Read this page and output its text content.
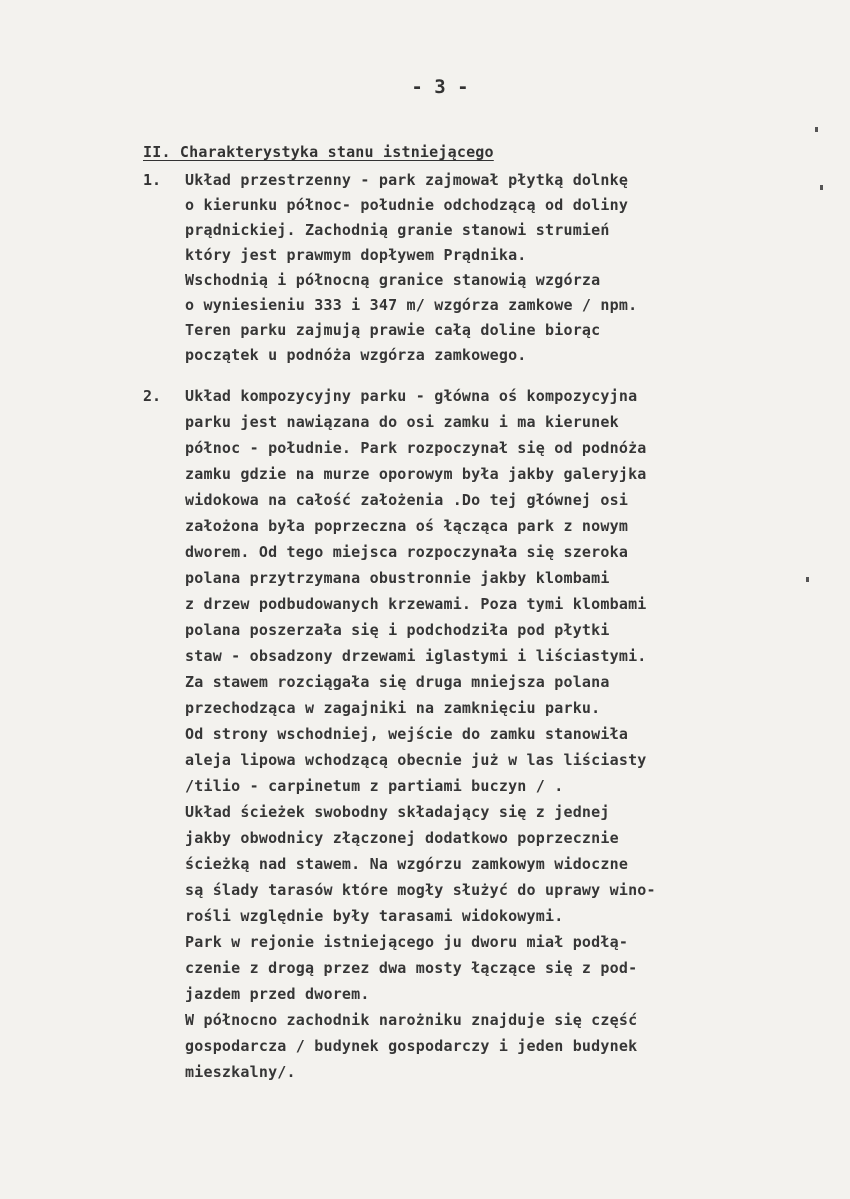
- 3 -
II. Charakterystyka stanu istniejącego
1. Układ przestrzenny - park zajmował płytką dolnkę
o kierunku północ- południe odchodzącą od doliny
prądnickiej. Zachodnią granie stanowi strumień
który jest prawmym dopływem Prądnika.
Wschodnią i północną granice stanowią wzgórza
o wyniesieniu 333 i 347 m/ wzgórza zamkowe / npm.
Teren parku zajmują prawie całą doline biorąc
początek u podnóża wzgórza zamkowego.
2. Układ kompozycyjny parku - główna oś kompozycyjna
parku jest nawiązana do osi zamku i ma kierunek
północ - południe. Park rozpoczynał się od podnóża
zamku gdzie na murze oporowym była jakby galeryjka
widokowa na całość założenia .Do tej głównej osi
założona była poprzeczna oś łącząca park z nowym
dworem. Od tego miejsca rozpoczynała się szeroka
polana przytrzymana obustronnie jakby klombami
z drzew podbudowanych krzewami. Poza tymi klombami
polana poszerzała się i podchodziła pod płytki
staw - obsadzony drzewami iglastymi i liściastymi.
Za stawem rozciągała się druga mniejsza polana
przechodząca w zagajniki na zamknięciu parku.
Od strony wschodniej, wejście do zamku stanowiła
aleja lipowa wchodzącą obecnie już w las liściasty
/tilio - carpinetum z partiami buczyn / .
Układ ścieżek swobodny składający się z jednej
jakby obwodnicy złączonej dodatkowo poprzecznie
ścieżką nad stawem. Na wzgórzu zamkowym widoczne
są ślady tarasów które mogły służyć do uprawy wino-
rośli względnie były tarasami widokowymi.
Park w rejonie istniejącego ju dworu miał podłą-
czenie z drogą przez dwa mosty łączące się z pod-
jazdem przed dworem.
W północno zachodnik narożniku znajduje się część
gospodarcza / budynek gospodarczy i jeden budynek
mieszkalny/.
